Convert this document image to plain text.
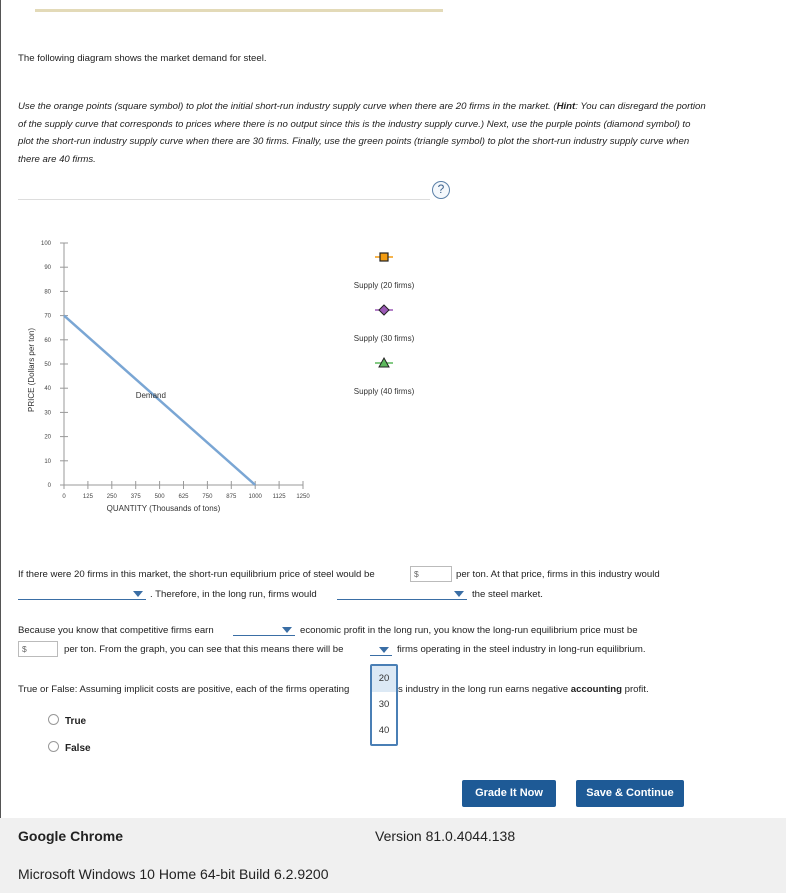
The following diagram shows the market demand for steel.
Use the orange points (square symbol) to plot the initial short-run industry supply curve when there are 20 firms in the market. (Hint: You can disregard the portion of the supply curve that corresponds to prices where there is no output since this is the industry supply curve.) Next, use the purple points (diamond symbol) to plot the short-run industry supply curve when there are 30 firms. Finally, use the green points (triangle symbol) to plot the short-run industry supply curve when there are 40 firms.
?
0
10
20
30
40
50
60
70
80
90
100
0	125 250 375 500 625 750 875 1000 1125 1250
QUANTITY (Thousands of tons)
PRICE (Dollars per ton)	Demand
Supply (20 firms)
Supply (30 firms)
Supply (40 firms)
If there were 20 firms in this market, the short-run equilibrium price of steel would be	$	per ton. At that price, firms in this industry would
. Therefore, in the long run, firms would	the steel market.
Because you know that competitive firms earn	economic profit in the long run, you know the long-run equilibrium price must be
$	per ton. From the graph, you can see that this means there will be	firms operating in the steel industry in long-run equilibrium.
True or False: Assuming implicit costs are positive, each of the firms operating	s industry in the long run earns negative accounting profit.
20
30
40
True
False
Grade It Now	Save & Continue
Google Chrome	Version 81.0.4044.138
Microsoft Windows 10 Home 64-bit Build 6.2.9200
